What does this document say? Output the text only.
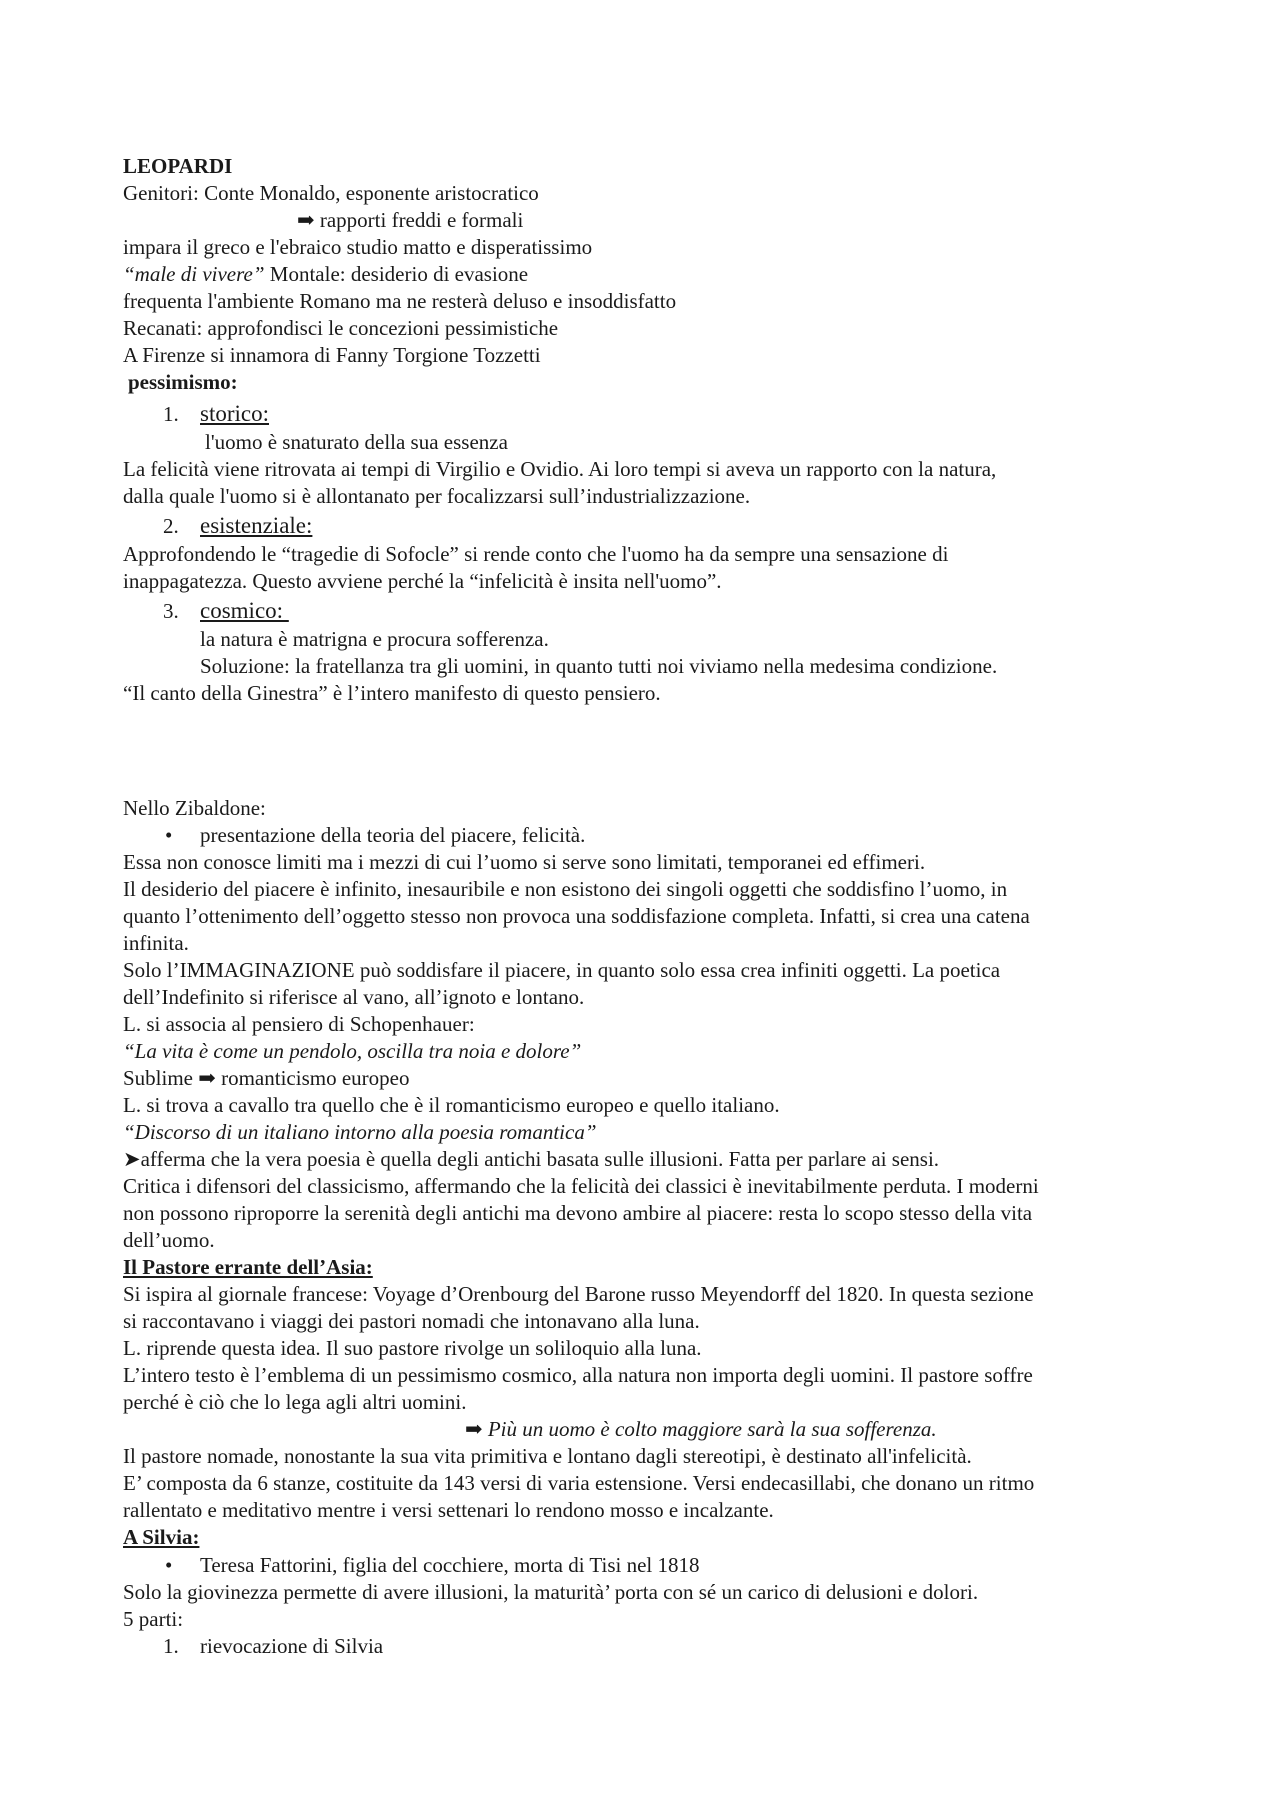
LEOPARDI
Genitori: Conte Monaldo, esponente aristocratico
➡ rapporti freddi e formali
impara il greco e l'ebraico studio matto e disperatissimo
“male di vivere” Montale: desiderio di evasione
frequenta l'ambiente Romano ma ne resterà deluso e insoddisfatto
Recanati: approfondisci le concezioni pessimistiche
A Firenze si innamora di Fanny Torgione Tozzetti
pessimismo:
1. storico:
l'uomo è snaturato della sua essenza
La felicità viene ritrovata ai tempi di Virgilio e Ovidio. Ai loro tempi si aveva un rapporto con la natura,
dalla quale l'uomo si è allontanato per focalizzarsi sull’industrializzazione.
2. esistenziale:
Approfondendo le “tragedie di Sofocle” si rende conto che l'uomo ha da sempre una sensazione di
inappagatezza. Questo avviene perché la “infelicità è insita nell'uomo”.
3. cosmico:
la natura è matrigna e procura sofferenza.
Soluzione: la fratellanza tra gli uomini, in quanto tutti noi viviamo nella medesima condizione.
“Il canto della Ginestra” è l’intero manifesto di questo pensiero.
Nello Zibaldone:
• presentazione della teoria del piacere, felicità.
Essa non conosce limiti ma i mezzi di cui l’uomo si serve sono limitati, temporanei ed effimeri.
Il desiderio del piacere è infinito, inesauribile e non esistono dei singoli oggetti che soddisfino l’uomo, in
quanto l’ottenimento dell’oggetto stesso non provoca una soddisfazione completa. Infatti, si crea una catena
infinita.
Solo l’IMMAGINAZIONE può soddisfare il piacere, in quanto solo essa crea infiniti oggetti. La poetica
dell’Indefinito si riferisce al vano, all’ignoto e lontano.
L. si associa al pensiero di Schopenhauer:
“La vita è come un pendolo, oscilla tra noia e dolore”
Sublime ➡ romanticismo europeo
L. si trova a cavallo tra quello che è il romanticismo europeo e quello italiano.
“Discorso di un italiano intorno alla poesia romantica”
➤afferma che la vera poesia è quella degli antichi basata sulle illusioni. Fatta per parlare ai sensi.
Critica i difensori del classicismo, affermando che la felicità dei classici è inevitabilmente perduta. I moderni
non possono riproporre la serenità degli antichi ma devono ambire al piacere: resta lo scopo stesso della vita
dell’uomo.
Il Pastore errante dell’Asia:
Si ispira al giornale francese: Voyage d’Orenbourg del Barone russo Meyendorff del 1820. In questa sezione
si raccontavano i viaggi dei pastori nomadi che intonavano alla luna.
L. riprende questa idea. Il suo pastore rivolge un soliloquio alla luna.
L’intero testo è l’emblema di un pessimismo cosmico, alla natura non importa degli uomini. Il pastore soffre
perché è ciò che lo lega agli altri uomini.
➡ Più un uomo è colto maggiore sarà la sua sofferenza.
Il pastore nomade, nonostante la sua vita primitiva e lontano dagli stereotipi, è destinato all'infelicità.
E’ composta da 6 stanze, costituite da 143 versi di varia estensione. Versi endecasillabi, che donano un ritmo
rallentato e meditativo mentre i versi settenari lo rendono mosso e incalzante.
A Silvia:
• Teresa Fattorini, figlia del cocchiere, morta di Tisi nel 1818
Solo la giovinezza permette di avere illusioni, la maturità’ porta con sé un carico di delusioni e dolori.
5 parti:
1. rievocazione di Silvia
